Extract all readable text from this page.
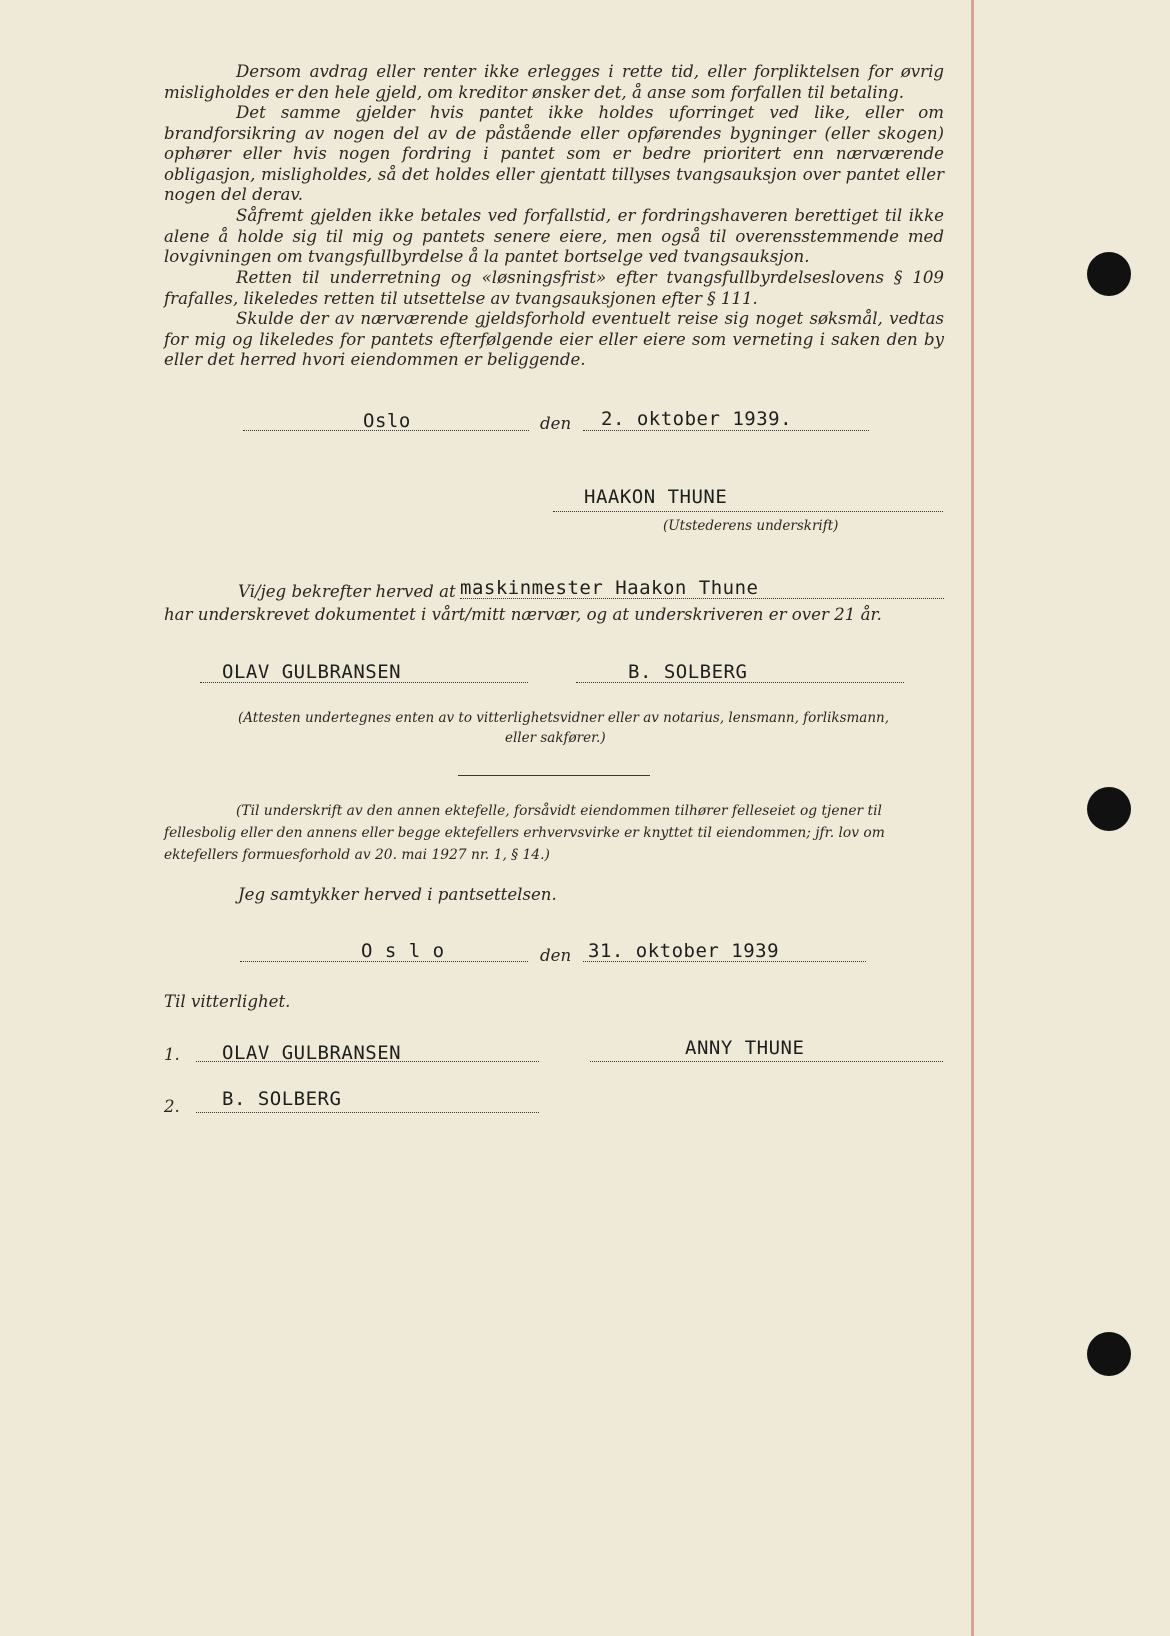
Dersom avdrag eller renter ikke erlegges i rette tid, eller forpliktelsen for øvrig misligholdes er den hele gjeld, om kreditor ønsker det, å anse som forfallen til betaling.

Det samme gjelder hvis pantet ikke holdes uforringet ved like, eller om brandforsikring av nogen del av de påstående eller opførendes bygninger (eller skogen) ophører eller hvis nogen fordring i pantet som er bedre prioritert enn nærværende obligasjon, misligholdes, så det holdes eller gjentatt tillyses tvangsauksjon over pantet eller nogen del derav.

Såfremt gjelden ikke betales ved forfallstid, er fordringshaveren berettiget til ikke alene å holde sig til mig og pantets senere eiere, men også til overensstemmende med lovgivningen om tvangsfullbyrdelse å la pantet bortselge ved tvangsauksjon.

Retten til underretning og «løsningsfrist» efter tvangsfullbyrdelseslovens § 109 frafalles, likeledes retten til utsettelse av tvangsauksjonen efter § 111.

Skulde der av nærværende gjeldsforhold eventuelt reise sig noget søksmål, vedtas for mig og likeledes for pantets efterfølgende eier eller eiere som verneting i saken den by eller det herred hvori eiendommen er beliggende.

Oslo	den 2. oktober 1939.
HAAKON THUNE
(Utstederens underskrift)
Vi/jeg bekrefter herved at maskinmester Haakon Thune
har underskrevet dokumentet i vårt/mitt nærvær, og at underskriveren er over 21 år.
OLAV GULBRANSEN	B. SOLBERG
(Attesten undertegnes enten av to vitterlighetsvidner eller av notarius, lensmann, forliksmann,
eller sakfører.)

(Til underskrift av den annen ektefelle, forsåvidt eiendommen tilhører felleseiet og tjener til fellesbolig eller den annens eller begge ektefellers erhvervsvirke er knyttet til eiendommen; jfr. lov om ektefellers formuesforhold av 20. mai 1927 nr. 1, § 14.)

Jeg samtykker herved i pantsettelsen.
O s l o	den 31. oktober 1939
Til vitterlighet.
1. OLAV GULBRANSEN	ANNY THUNE
2. B. SOLBERG
